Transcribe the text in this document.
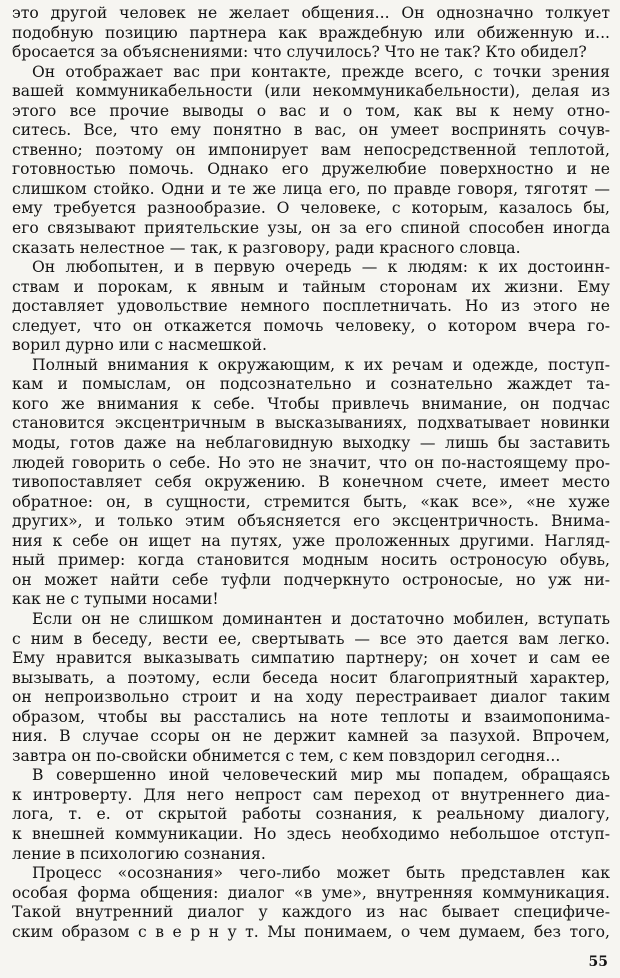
это другой человек не желает общения... Он однозначно толкует
подобную позицию партнера как враждебную или обиженную и...
бросается за объяснениями: что случилось? Что не так? Кто обидел?
Он отображает вас при контакте, прежде всего, с точки зрения
вашей коммуникабельности (или некоммуникабельности), делая из
этого все прочие выводы о вас и о том, как вы к нему отно-
ситесь. Все, что ему понятно в вас, он умеет воспринять сочув-
ственно; поэтому он импонирует вам непосредственной теплотой,
готовностью помочь. Однако его дружелюбие поверхностно и не
слишком стойко. Одни и те же лица его, по правде говоря, тяготят —
ему требуется разнообразие. О человеке, с которым, казалось бы,
его связывают приятельские узы, он за его спиной способен иногда
сказать нелестное — так, к разговору, ради красного словца.
Он любопытен, и в первую очередь — к людям: к их достоинн-
ствам и порокам, к явным и тайным сторонам их жизни. Ему
доставляет удовольствие немного посплетничать. Но из этого не
следует, что он откажется помочь человеку, о котором вчера го-
ворил дурно или с насмешкой.
Полный внимания к окружающим, к их речам и одежде, поступ-
кам и помыслам, он подсознательно и сознательно жаждет та-
кого же внимания к себе. Чтобы привлечь внимание, он подчас
становится эксцентричным в высказываниях, подхватывает новинки
моды, готов даже на неблаговидную выходку — лишь бы заставить
людей говорить о себе. Но это не значит, что он по-настоящему про-
тивопоставляет себя окружению. В конечном счете, имеет место
обратное: он, в сущности, стремится быть, «как все», «не хуже
других», и только этим объясняется его эксцентричность. Внима-
ния к себе он ищет на путях, уже проложенных другими. Нагляд-
ный пример: когда становится модным носить остроносую обувь,
он может найти себе туфли подчеркнуто остроносые, но уж ни-
как не с тупыми носами!
Если он не слишком доминантен и достаточно мобилен, вступать
с ним в беседу, вести ее, свертывать — все это дается вам легко.
Ему нравится выказывать симпатию партнеру; он хочет и сам ее
вызывать, а поэтому, если беседа носит благоприятный характер,
он непроизвольно строит и на ходу перестраивает диалог таким
образом, чтобы вы расстались на ноте теплоты и взаимопонима-
ния. В случае ссоры он не держит камней за пазухой. Впрочем,
завтра он по-свойски обнимется с тем, с кем повздорил сегодня...
В совершенно иной человеческий мир мы попадем, обращаясь
к интроверту. Для него непрост сам переход от внутреннего диа-
лога, т. е. от скрытой работы сознания, к реальному диалогу,
к внешней коммуникации. Но здесь необходимо небольшое отступ-
ление в психологию сознания.
Процесс «осознания» чего-либо может быть представлен как
особая форма общения: диалог «в уме», внутренняя коммуникация.
Такой внутренний диалог у каждого из нас бывает специфиче-
ским образом с в е р н у т. Мы понимаем, о чем думаем, без того,
55
